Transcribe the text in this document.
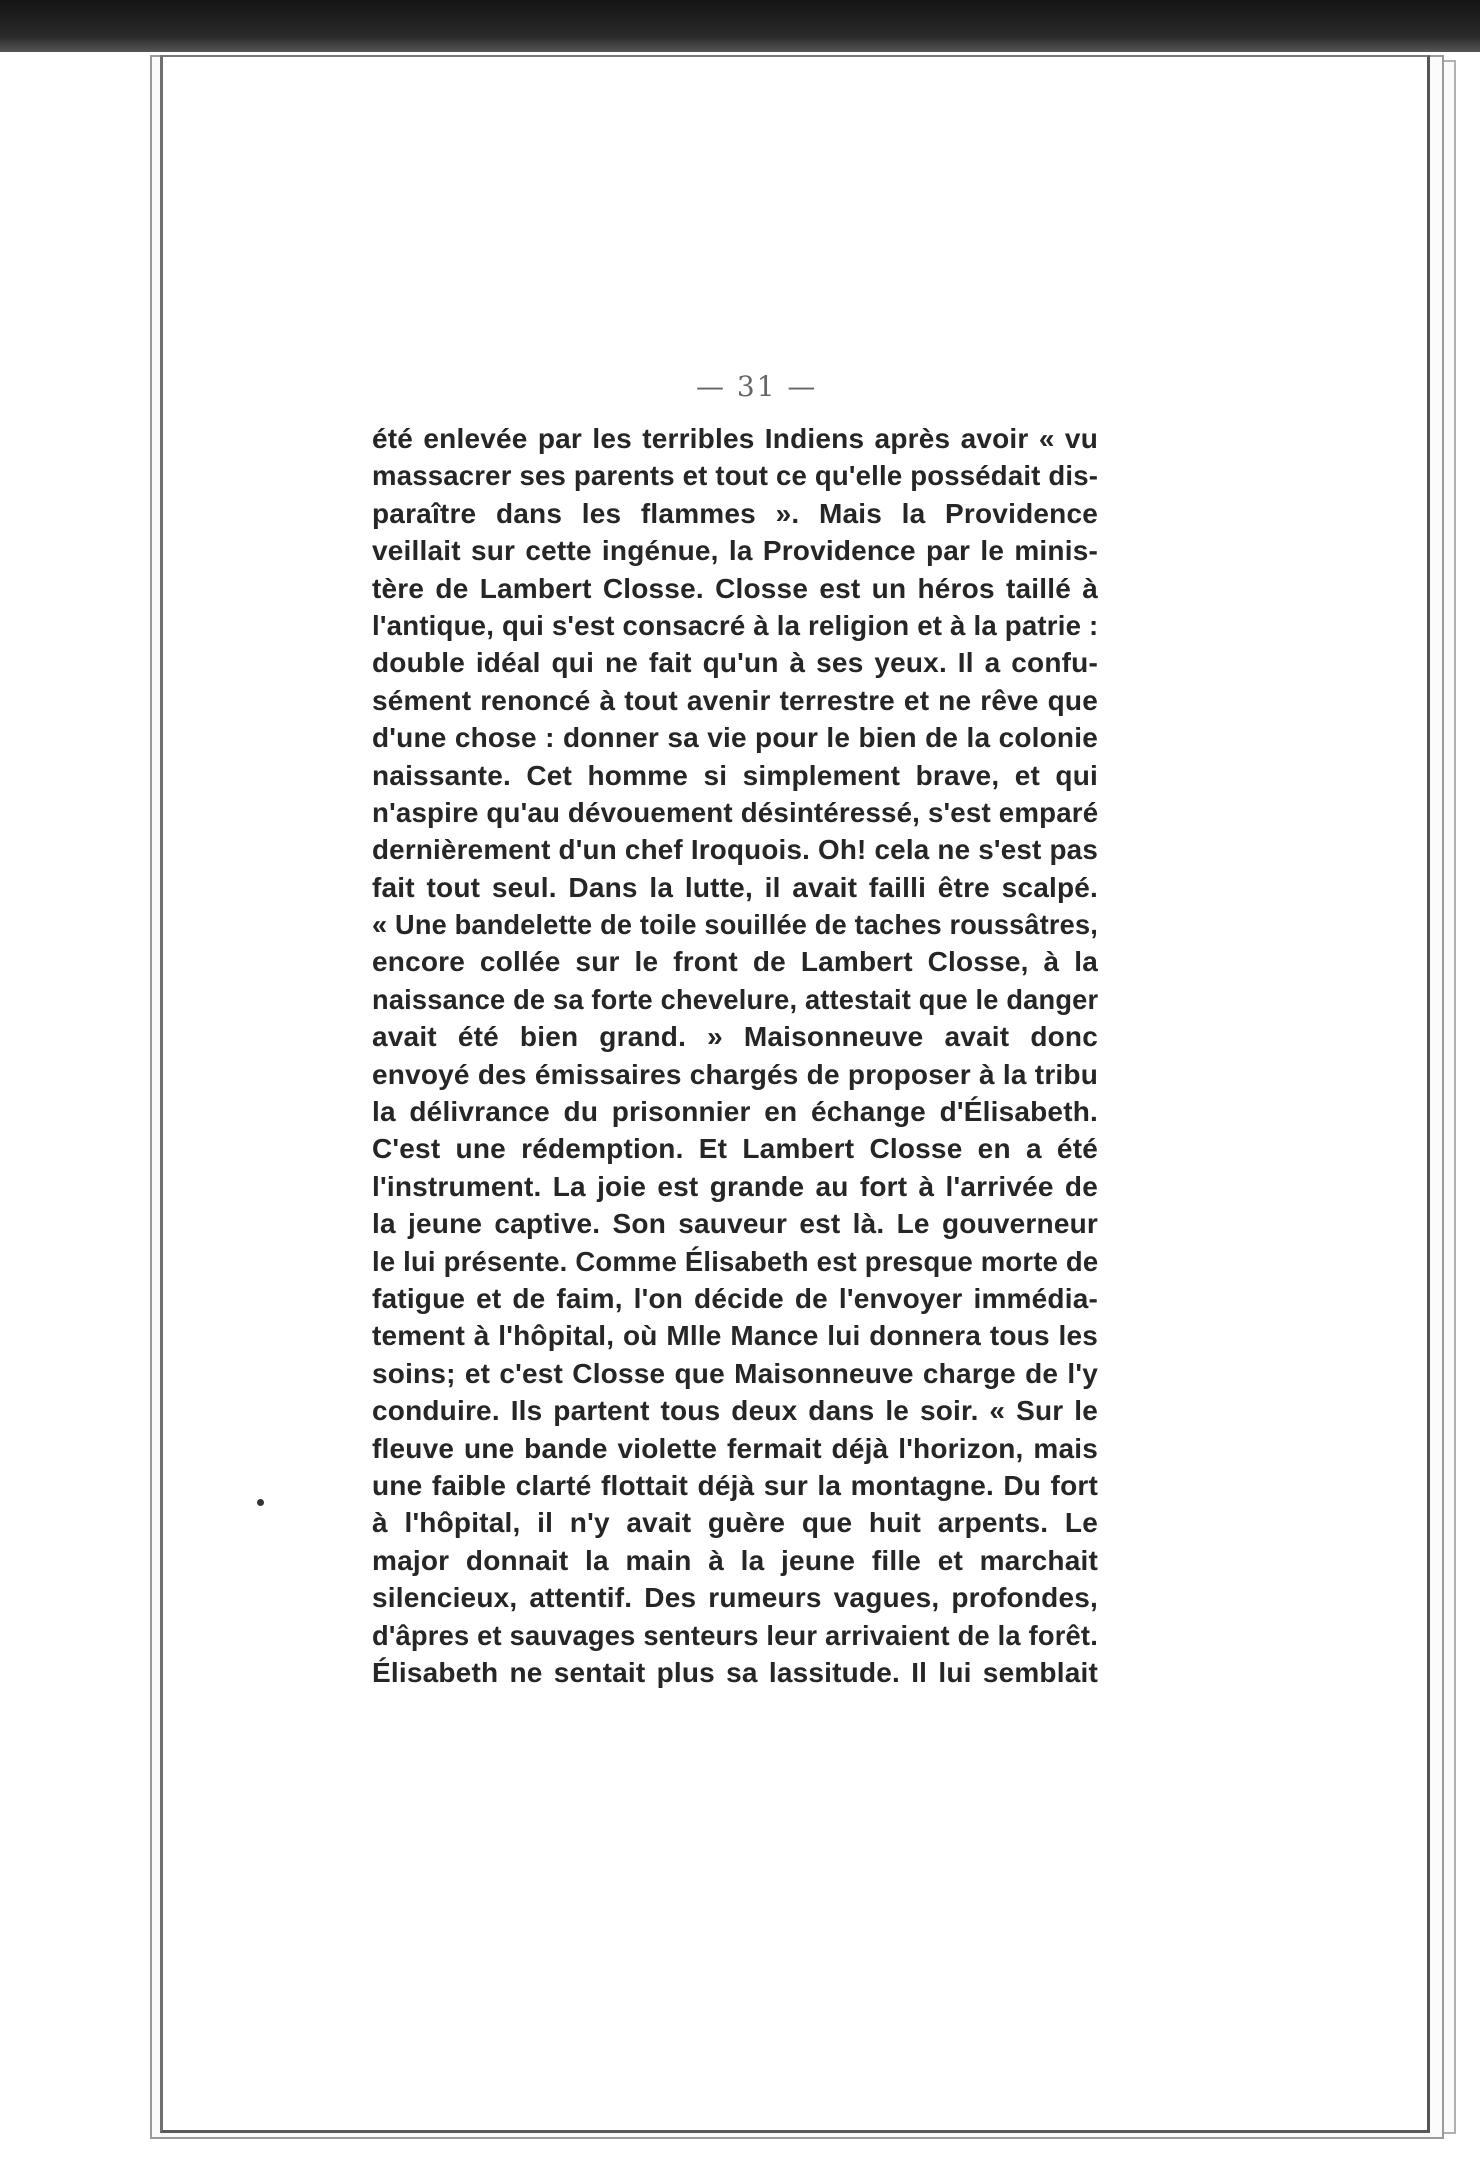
— 31 —
été enlevée par les terribles Indiens après avoir « vu
massacrer ses parents et tout ce qu'elle possédait dis-
paraître dans les flammes ». Mais la Providence
veillait sur cette ingénue, la Providence par le minis-
tère de Lambert Closse. Closse est un héros taillé à
l'antique, qui s'est consacré à la religion et à la patrie :
double idéal qui ne fait qu'un à ses yeux. Il a confu-
sément renoncé à tout avenir terrestre et ne rêve que
d'une chose : donner sa vie pour le bien de la colonie
naissante. Cet homme si simplement brave, et qui
n'aspire qu'au dévouement désintéressé, s'est emparé
dernièrement d'un chef Iroquois. Oh! cela ne s'est pas
fait tout seul. Dans la lutte, il avait failli être scalpé.
« Une bandelette de toile souillée de taches roussâtres,
encore collée sur le front de Lambert Closse, à la
naissance de sa forte chevelure, attestait que le danger
avait été bien grand. » Maisonneuve avait donc
envoyé des émissaires chargés de proposer à la tribu
la délivrance du prisonnier en échange d'Élisabeth.
C'est une rédemption. Et Lambert Closse en a été
l'instrument. La joie est grande au fort à l'arrivée de
la jeune captive. Son sauveur est là. Le gouverneur
le lui présente. Comme Élisabeth est presque morte de
fatigue et de faim, l'on décide de l'envoyer immédia-
tement à l'hôpital, où Mlle Mance lui donnera tous les
soins; et c'est Closse que Maisonneuve charge de l'y
conduire. Ils partent tous deux dans le soir. « Sur le
fleuve une bande violette fermait déjà l'horizon, mais
une faible clarté flottait déjà sur la montagne. Du fort
à l'hôpital, il n'y avait guère que huit arpents. Le
major donnait la main à la jeune fille et marchait
silencieux, attentif. Des rumeurs vagues, profondes,
d'âpres et sauvages senteurs leur arrivaient de la forêt.
Élisabeth ne sentait plus sa lassitude. Il lui semblait
